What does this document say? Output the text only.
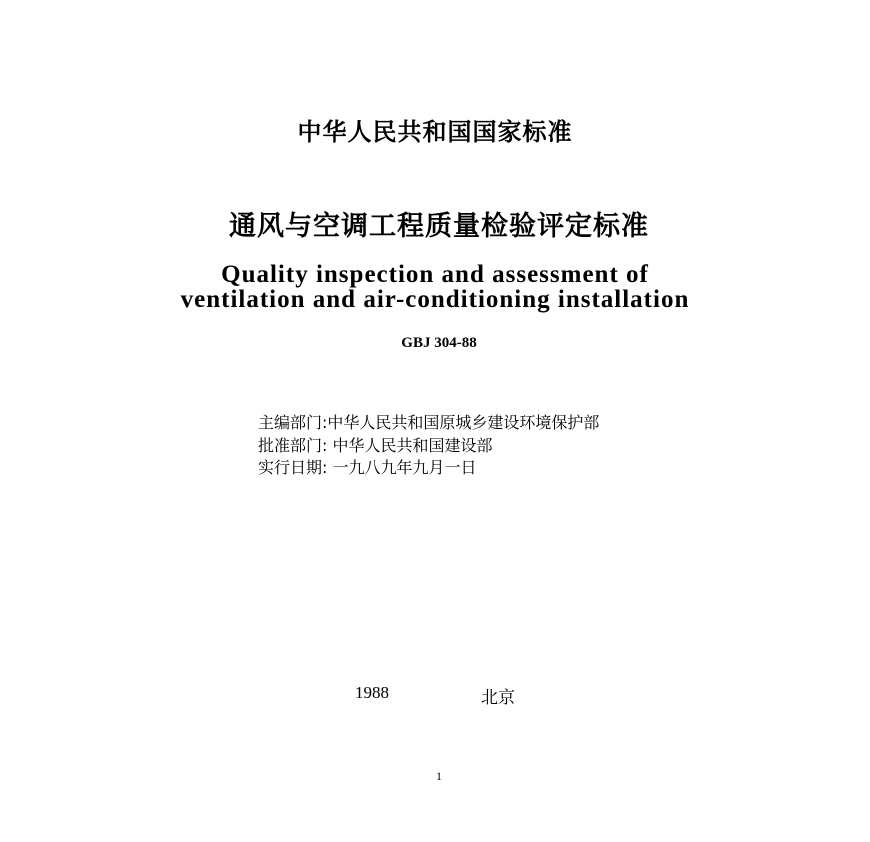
中华人民共和国国家标准
通风与空调工程质量检验评定标准
Quality inspection and assessment of
ventilation and air-conditioning installation
GBJ 304-88
主编部门:中华人民共和国原城乡建设环境保护部
批准部门: 中华人民共和国建设部
实行日期: 一九八九年九月一日
1988	北京
1
